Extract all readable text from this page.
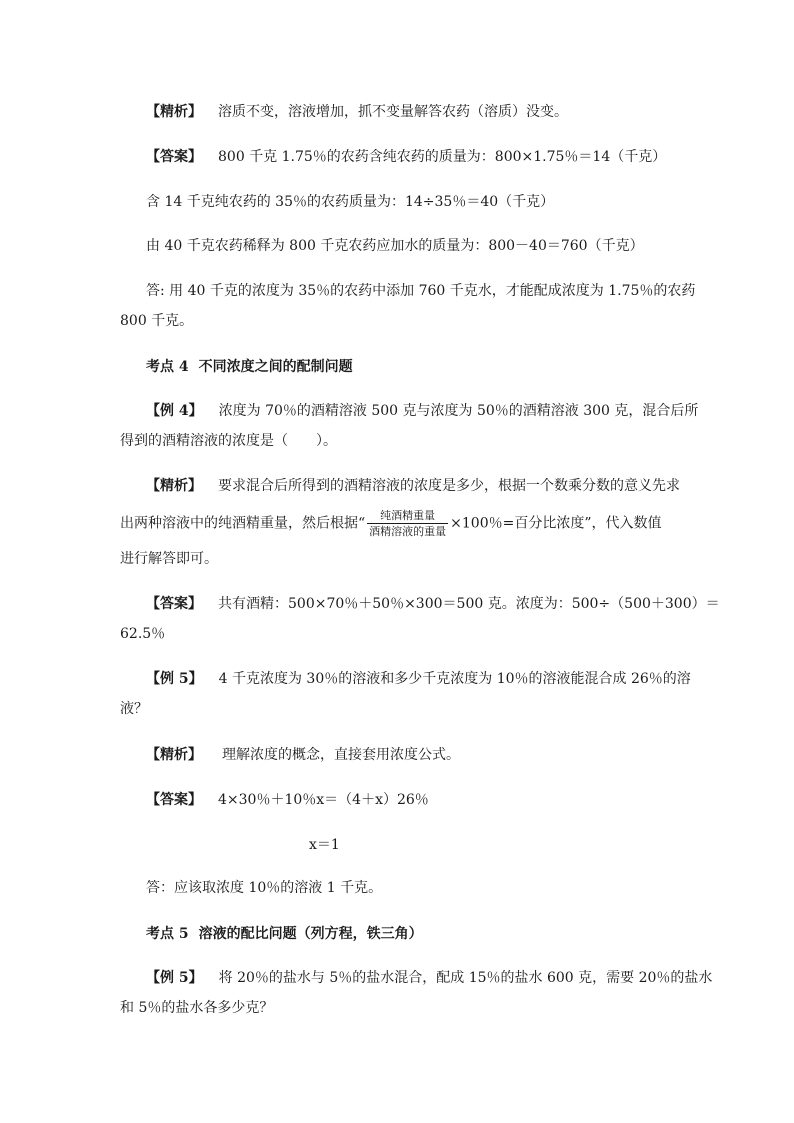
【精析】 溶质不变，溶液增加，抓不变量解答农药（溶质）没变。
【答案】 800 千克 1.75％的农药含纯农药的质量为：800×1.75％＝14（千克）
含 14 千克纯农药的 35％的农药质量为：14÷35％＝40（千克）
由 40 千克农药稀释为 800 千克农药应加水的质量为：800－40＝760（千克）
答: 用 40 千克的浓度为 35％的农药中添加 760 千克水，才能配成浓度为 1.75％的农药
800 千克。
考点 4 不同浓度之间的配制问题
【例 4】 浓度为 70％的酒精溶液 500 克与浓度为 50％的酒精溶液 300 克，混合后所
得到的酒精溶液的浓度是（　　）。
【精析】 要求混合后所得到的酒精溶液的浓度是多少，根据一个数乘分数的意义先求
出两种溶液中的纯酒精重量，然后根据“ $\frac{\text{纯酒精重量}}{\text{酒精溶液的重量}} \times 100$％=百分比浓度”，代入数值
进行解答即可。
【答案】 共有酒精：500×70％＋50％×300＝500 克。浓度为：500÷（500＋300）＝
62.5％
【例 5】 4 千克浓度为 30％的溶液和多少千克浓度为 10％的溶液能混合成 26％的溶
液？
【精析】 理解浓度的概念，直接套用浓度公式。
【答案】 4×30％＋10％x＝（4＋x）26％
x＝1
答：应该取浓度 10％的溶液 1 千克。
考点 5 溶液的配比问题（列方程，铁三角）
【例 5】 将 20％的盐水与 5％的盐水混合，配成 15％的盐水 600 克，需要 20％的盐水
和 5％的盐水各多少克？
